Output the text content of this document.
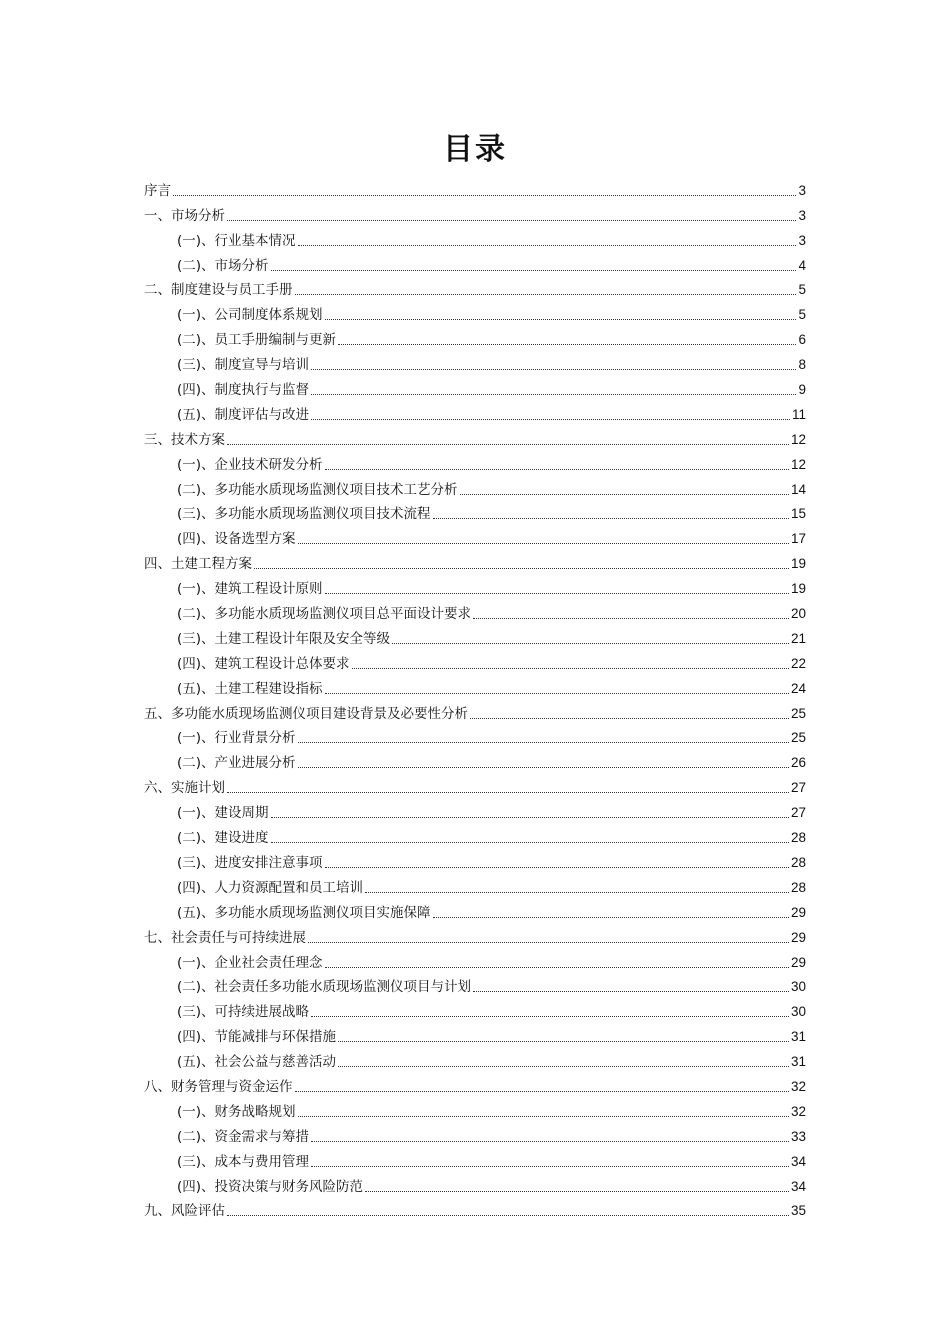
目录
序言	3
一、市场分析	3
(一)、行业基本情况	3
(二)、市场分析	4
二、制度建设与员工手册	5
(一)、公司制度体系规划	5
(二)、员工手册编制与更新	6
(三)、制度宣导与培训	8
(四)、制度执行与监督	9
(五)、制度评估与改进	11
三、技术方案	12
(一)、企业技术研发分析	12
(二)、多功能水质现场监测仪项目技术工艺分析	14
(三)、多功能水质现场监测仪项目技术流程	15
(四)、设备选型方案	17
四、土建工程方案	19
(一)、建筑工程设计原则	19
(二)、多功能水质现场监测仪项目总平面设计要求	20
(三)、土建工程设计年限及安全等级	21
(四)、建筑工程设计总体要求	22
(五)、土建工程建设指标	24
五、多功能水质现场监测仪项目建设背景及必要性分析	25
(一)、行业背景分析	25
(二)、产业进展分析	26
六、实施计划	27
(一)、建设周期	27
(二)、建设进度	28
(三)、进度安排注意事项	28
(四)、人力资源配置和员工培训	28
(五)、多功能水质现场监测仪项目实施保障	29
七、社会责任与可持续进展	29
(一)、企业社会责任理念	29
(二)、社会责任多功能水质现场监测仪项目与计划	30
(三)、可持续进展战略	30
(四)、节能减排与环保措施	31
(五)、社会公益与慈善活动	31
八、财务管理与资金运作	32
(一)、财务战略规划	32
(二)、资金需求与筹措	33
(三)、成本与费用管理	34
(四)、投资决策与财务风险防范	34
九、风险评估	35
